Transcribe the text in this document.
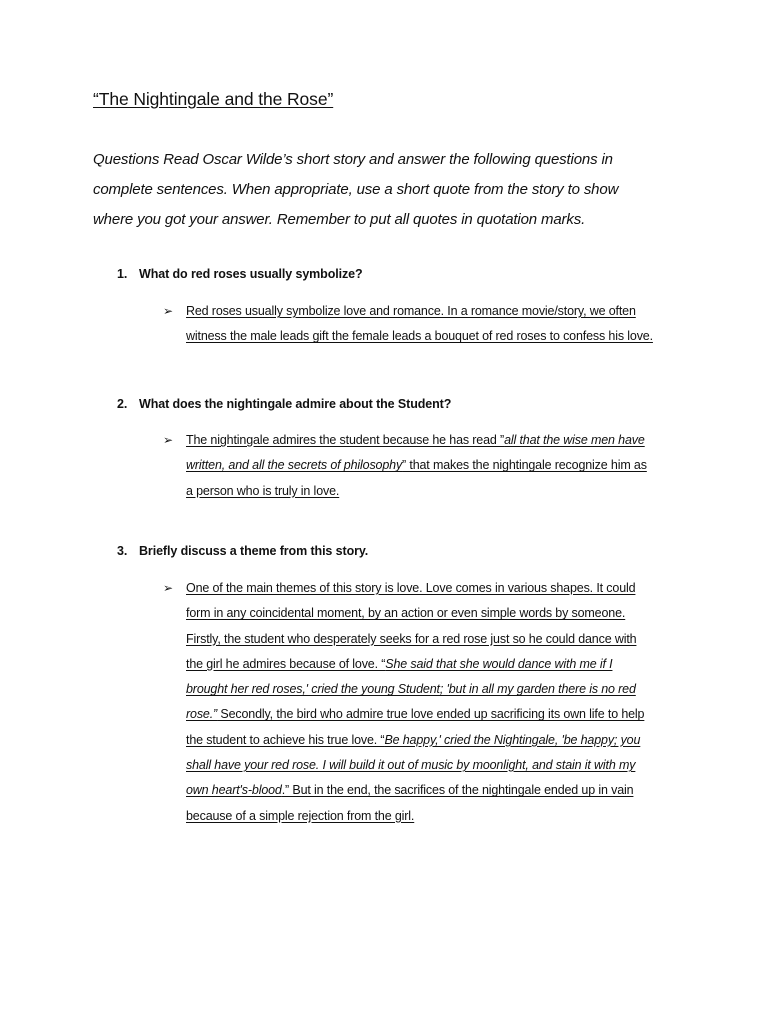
“The Nightingale and the Rose”
Questions Read Oscar Wilde’s short story and answer the following questions in
complete sentences. When appropriate, use a short quote from the story to show
where you got your answer. Remember to put all quotes in quotation marks.
1. What do red roses usually symbolize?
➢	Red roses usually symbolize love and romance. In a romance movie/story, we often
witness the male leads gift the female leads a bouquet of red roses to confess his love.
2. What does the nightingale admire about the Student?
➢	The nightingale admires the student because he has read ”all that the wise men have
written, and all the secrets of philosophy” that makes the nightingale recognize him as
a person who is truly in love.
3. Briefly discuss a theme from this story.
➢	One of the main themes of this story is love. Love comes in various shapes. It could
form in any coincidental moment, by an action or even simple words by someone.
Firstly, the student who desperately seeks for a red rose just so he could dance with
the girl he admires because of love. “She said that she would dance with me if I
brought her red roses,' cried the young Student; 'but in all my garden there is no red
rose.” Secondly, the bird who admire true love ended up sacrificing its own life to help
the student to achieve his true love. “Be happy,' cried the Nightingale, 'be happy; you
shall have your red rose. I will build it out of music by moonlight, and stain it with my
own heart's-blood.” But in the end, the sacrifices of the nightingale ended up in vain
because of a simple rejection from the girl.
